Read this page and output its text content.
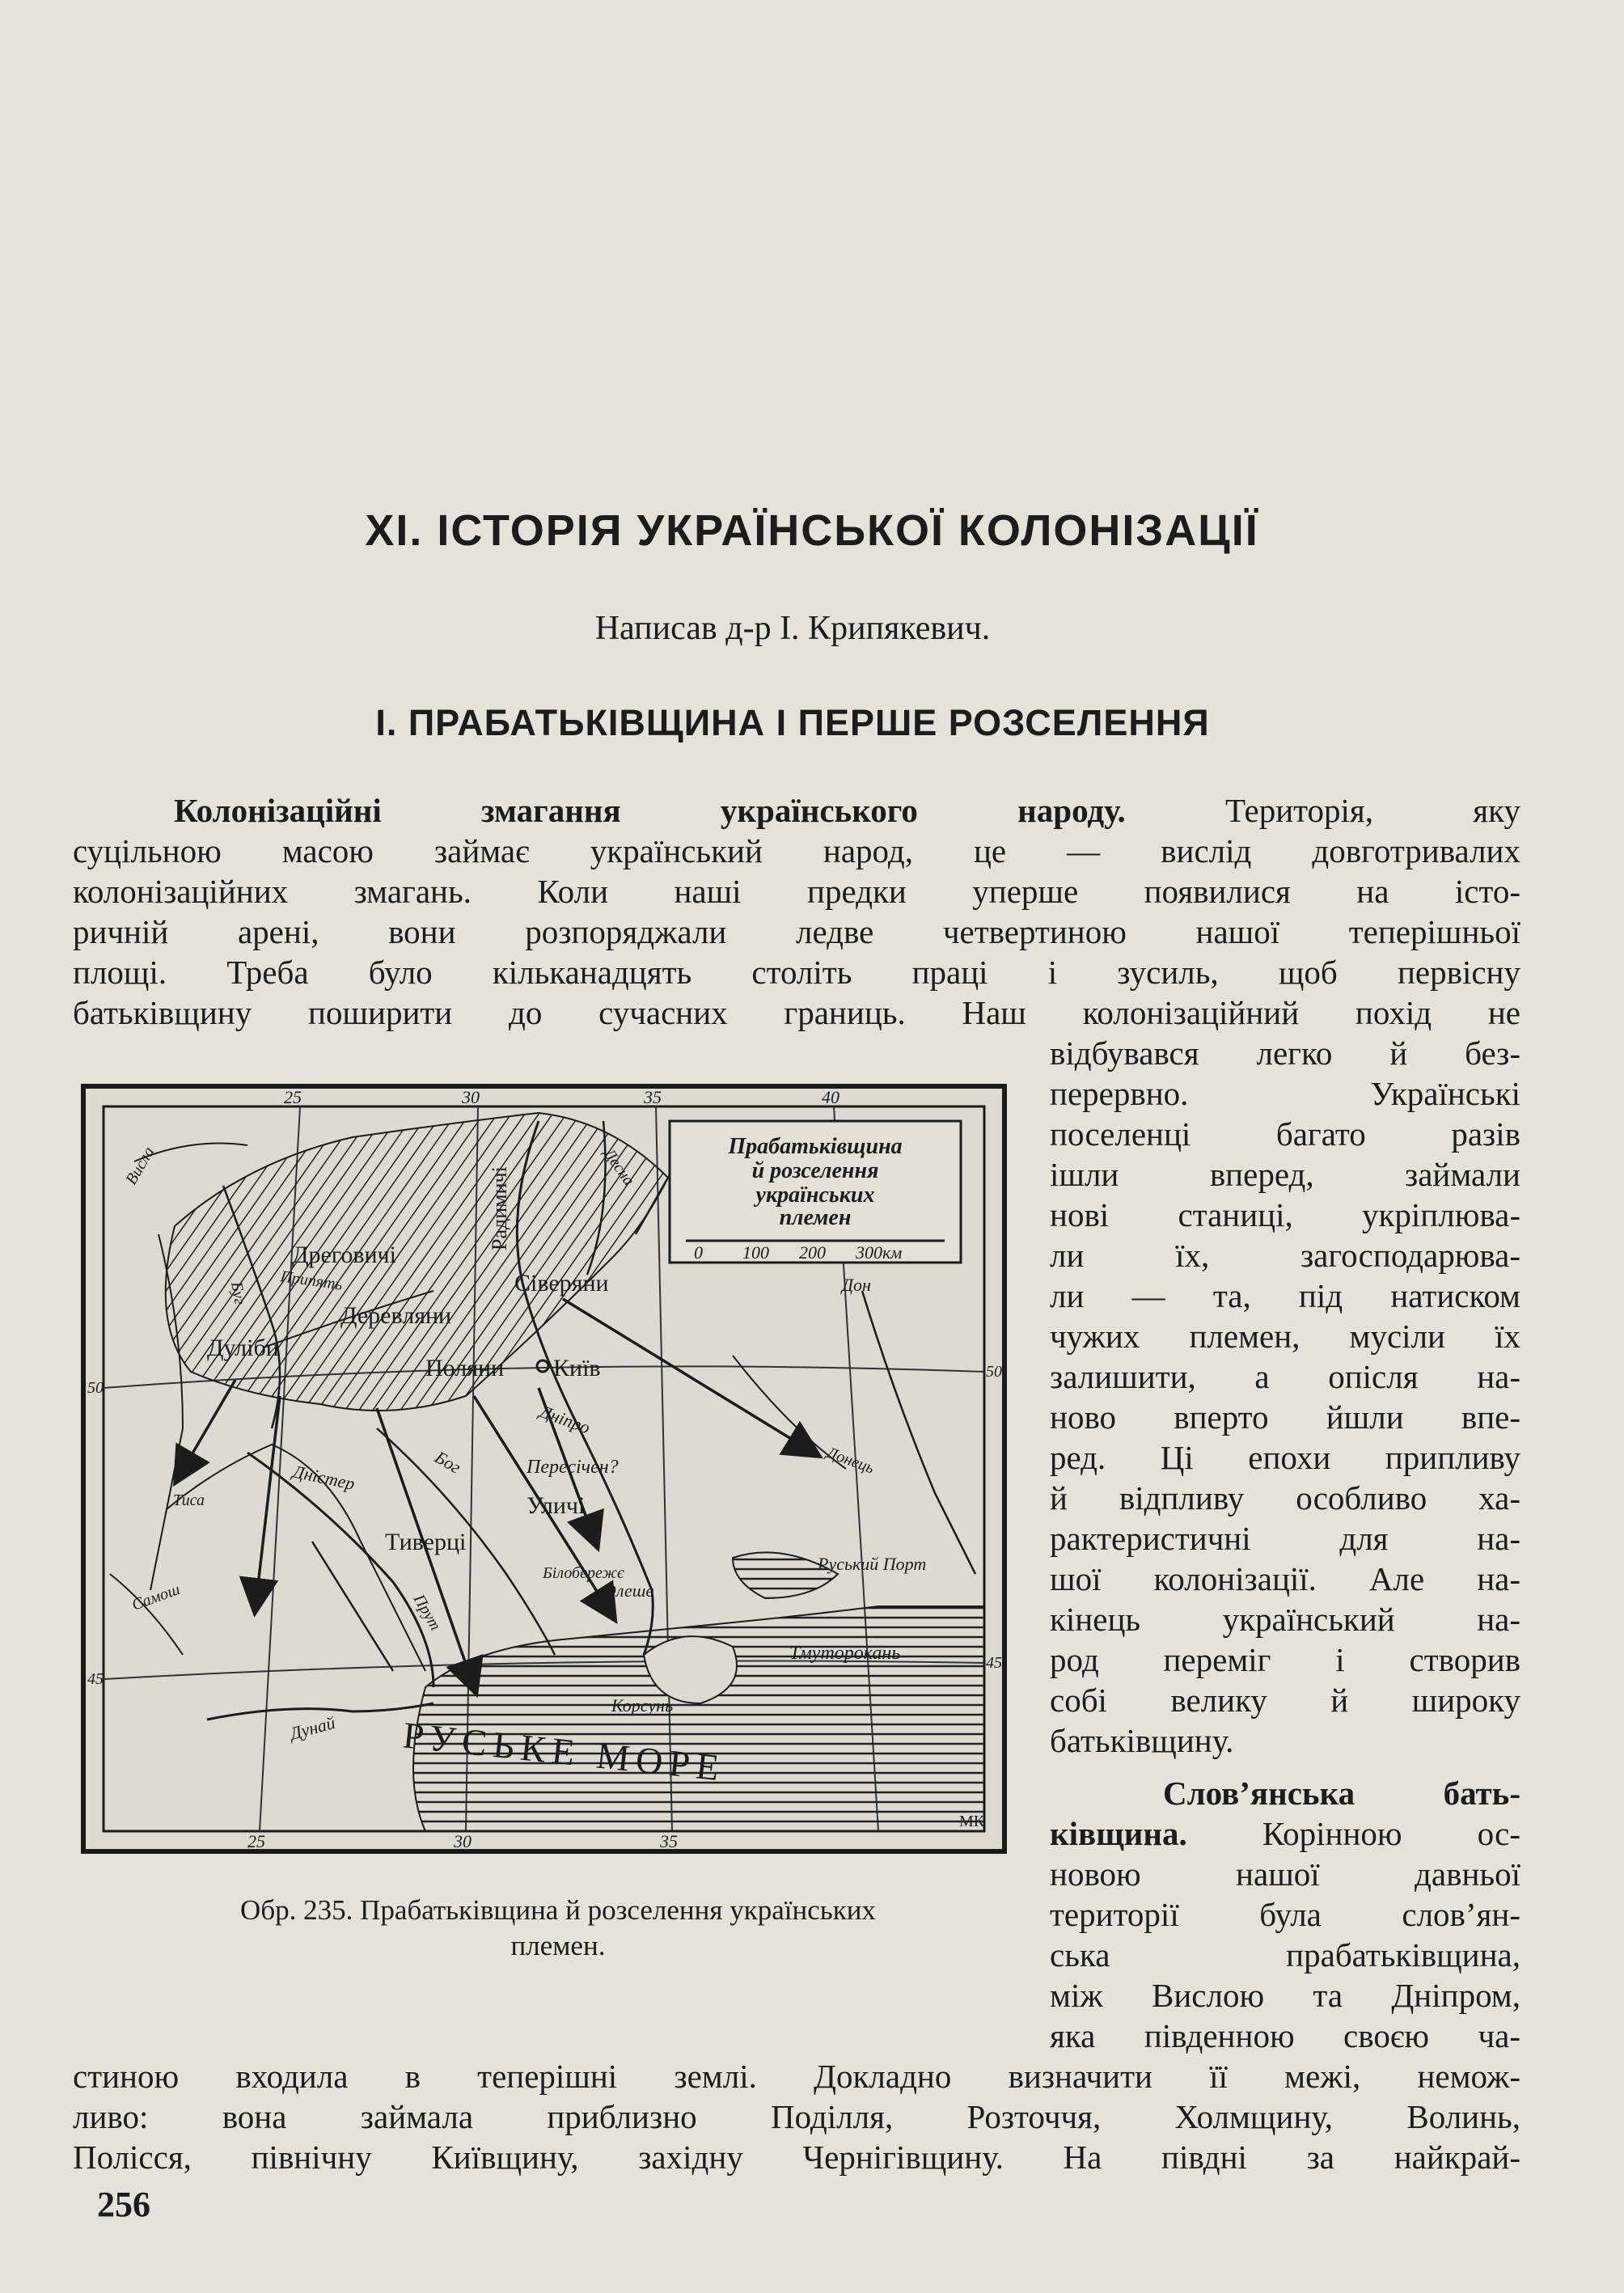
XI. ІСТОРІЯ УКРАЇНСЬКОЇ КОЛОНІЗАЦІЇ
Написав д-р І. Крипякевич.
І. ПРАБАТЬКІВЩИНА І ПЕРШЕ РОЗСЕЛЕННЯ
Колонізаційні змагання українського народу.	Територія, яку
суцільною масою займає український народ, це — вислід довготривалих
колонізаційних змагань. Коли наші предки уперше появилися на істо-
ричній арені, вони розпоряджали ледве четвертиною нашої теперішньої
площі. Треба було кільканадцять століть праці і зусиль, щоб первісну
батьківщину поширити до сучасних границь. Наш колонізаційний похід не
відбувався легко й без-
перервно. Українські
поселенці багато разів
ішли вперед, займали
нові станиці, укріплюва-
ли їх, загосподарюва-
ли — та, під натиском
чужих племен, мусіли їх
залишити, а опісля на-
ново вперто йшли впе-
ред. Ці епохи припливу
й відпливу особливо ха-
рактеристичні для на-
шої колонізації. Але на-
кінець український на-
род переміг і створив
собі велику й широку
батьківщину.
Слов’янська бать-
ківщина. Корінною ос-
новою нашої давньої
території була слов’ян-
ська прабатьківщина,
між Вислою та Дніпром,
яка південною своєю ча-
стиною входила в теперішні землі. Докладно визначити її межі, немож-
ливо: вона займала приблизно Поділля, Розточчя, Холмщину, Волинь,
Полісся, північну Київщину, західну Чернігівщину. На півдні за найкрай-
Прабатьківщина
й розселення
українських
племен
0 100 200 300км
25	30	35	40
25	30	35
50
45
50
45
Дреговичі
Деревляни
Дуліби
Поляни
Сіверяни
Радимичі
Уличі
Тиверці
Київ
Пересічен?
Олешє
Білобережє
Корсунь
Тмуторокань
Руський Порт
РУСЬКЕ МОРЕ
МК
Припять
Дніпро
Дністер	Бог
Прут
Дунай
Тиса
Самош
Десна
Дон
Донець
Буг
Висла
Обр. 235. Прабатьківщина й розселення українських
племен.
256
